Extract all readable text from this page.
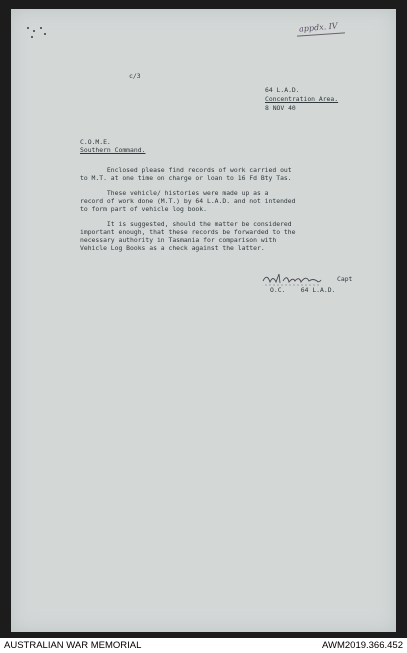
appdx. IV

c/3

64 L.A.D.

Concentration Area.

8 NOV 40

C.O.M.E.

Southern Command.

Enclosed please find records of work carried out
to M.T. at one time on charge or loan to 16 Fd Bty Tas.

These vehicle/ histories were made up as a
record of work done (M.T.) by 64 L.A.D. and not intended
to form part of vehicle log book.

It is suggested, should the matter be considered
important enough, that these records be forwarded to the
necessary authority in Tasmania for comparison with
Vehicle Log Books as a check against the latter.

Capt

O.C.    64 L.A.D.

AUSTRALIAN WAR MEMORIAL	AWM2019.366.452
